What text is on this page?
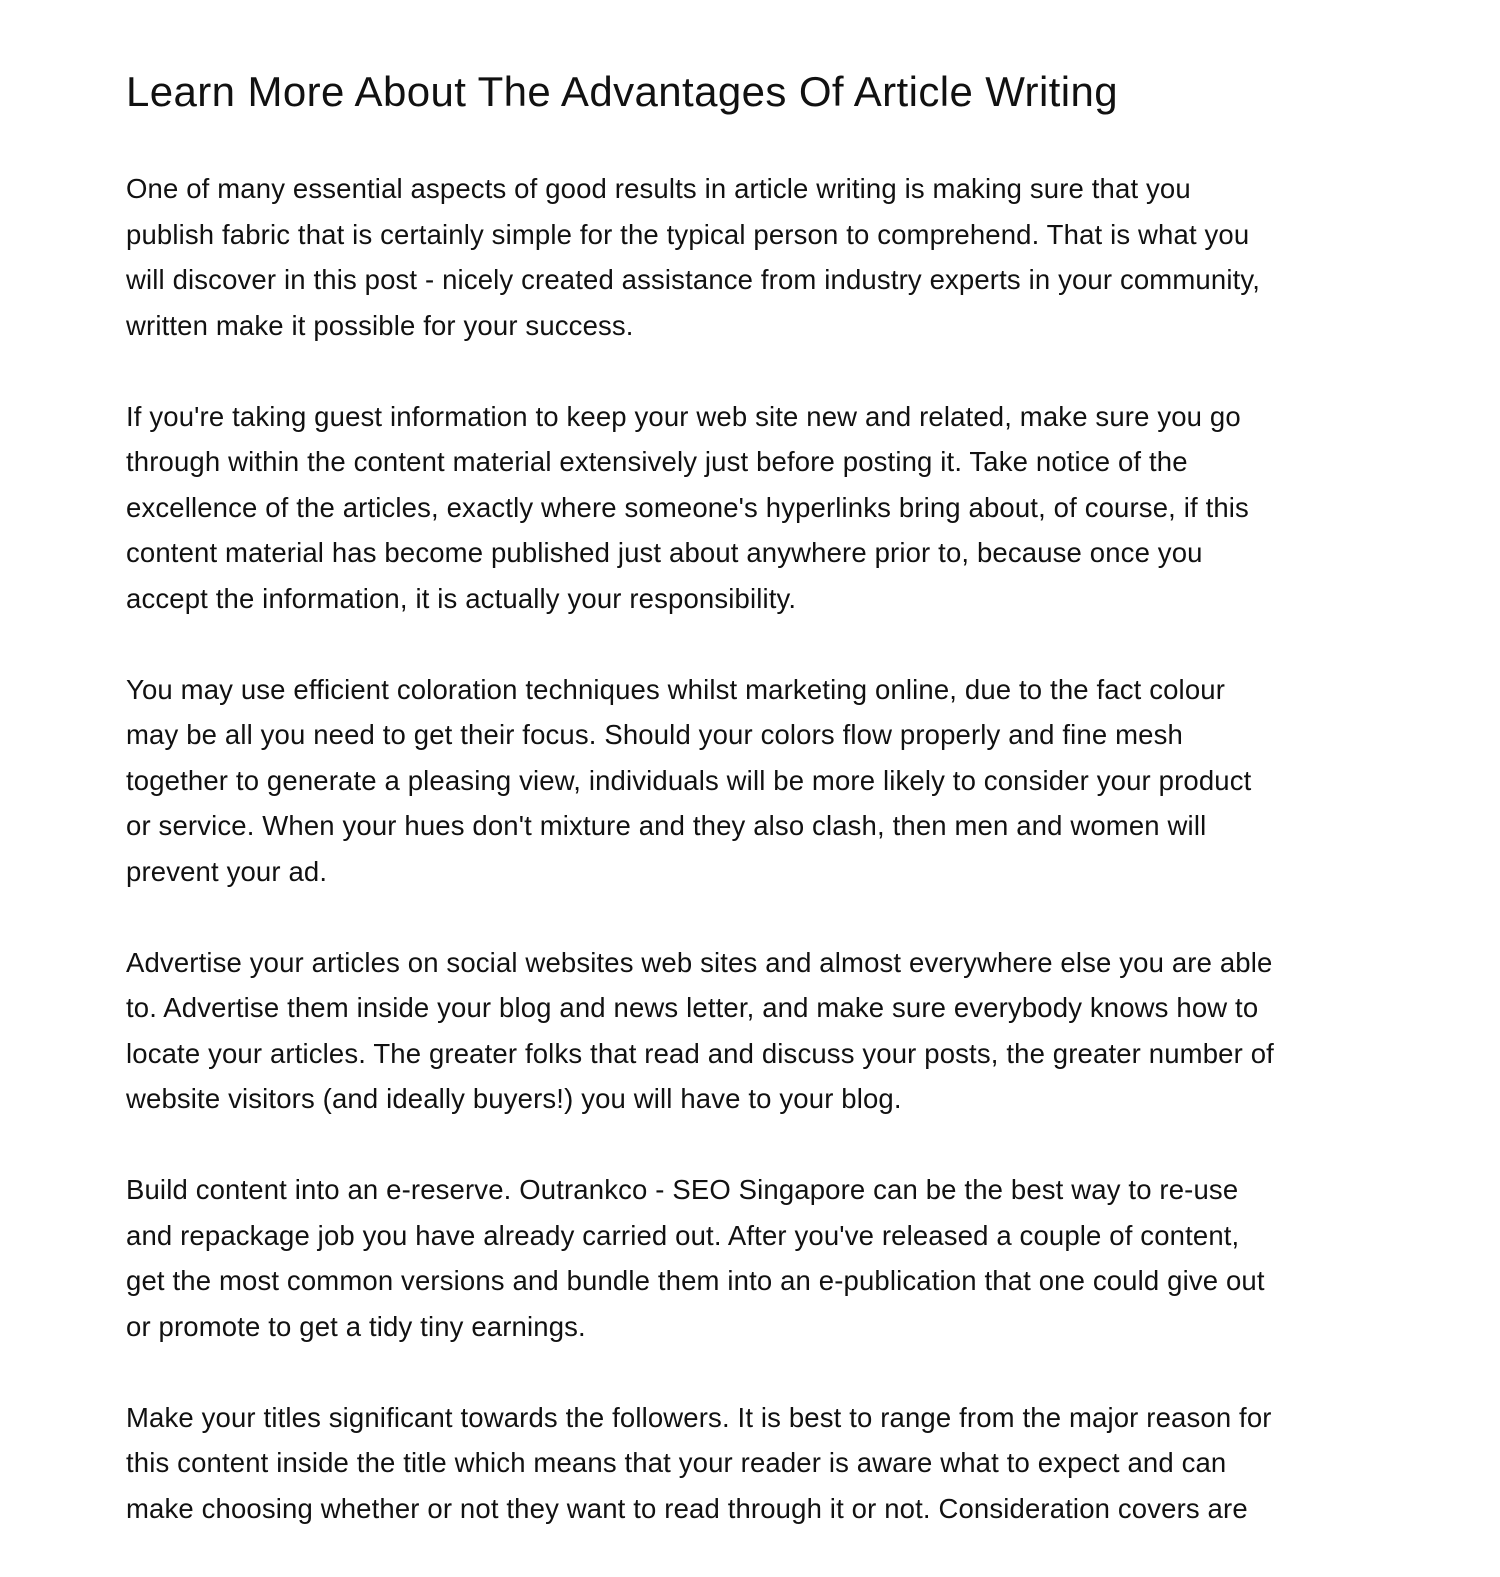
Learn More About The Advantages Of Article Writing

One of many essential aspects of good results in article writing is making sure that you
publish fabric that is certainly simple for the typical person to comprehend. That is what you
will discover in this post - nicely created assistance from industry experts in your community,
written make it possible for your success.

If you're taking guest information to keep your web site new and related, make sure you go
through within the content material extensively just before posting it. Take notice of the
excellence of the articles, exactly where someone's hyperlinks bring about, of course, if this
content material has become published just about anywhere prior to, because once you
accept the information, it is actually your responsibility.

You may use efficient coloration techniques whilst marketing online, due to the fact colour
may be all you need to get their focus. Should your colors flow properly and fine mesh
together to generate a pleasing view, individuals will be more likely to consider your product
or service. When your hues don't mixture and they also clash, then men and women will
prevent your ad.

Advertise your articles on social websites web sites and almost everywhere else you are able
to. Advertise them inside your blog and news letter, and make sure everybody knows how to
locate your articles. The greater folks that read and discuss your posts, the greater number of
website visitors (and ideally buyers!) you will have to your blog.

Build content into an e-reserve. Outrankco - SEO Singapore can be the best way to re-use
and repackage job you have already carried out. After you've released a couple of content,
get the most common versions and bundle them into an e-publication that one could give out
or promote to get a tidy tiny earnings.

Make your titles significant towards the followers. It is best to range from the major reason for
this content inside the title which means that your reader is aware what to expect and can
make choosing whether or not they want to read through it or not. Consideration covers are
